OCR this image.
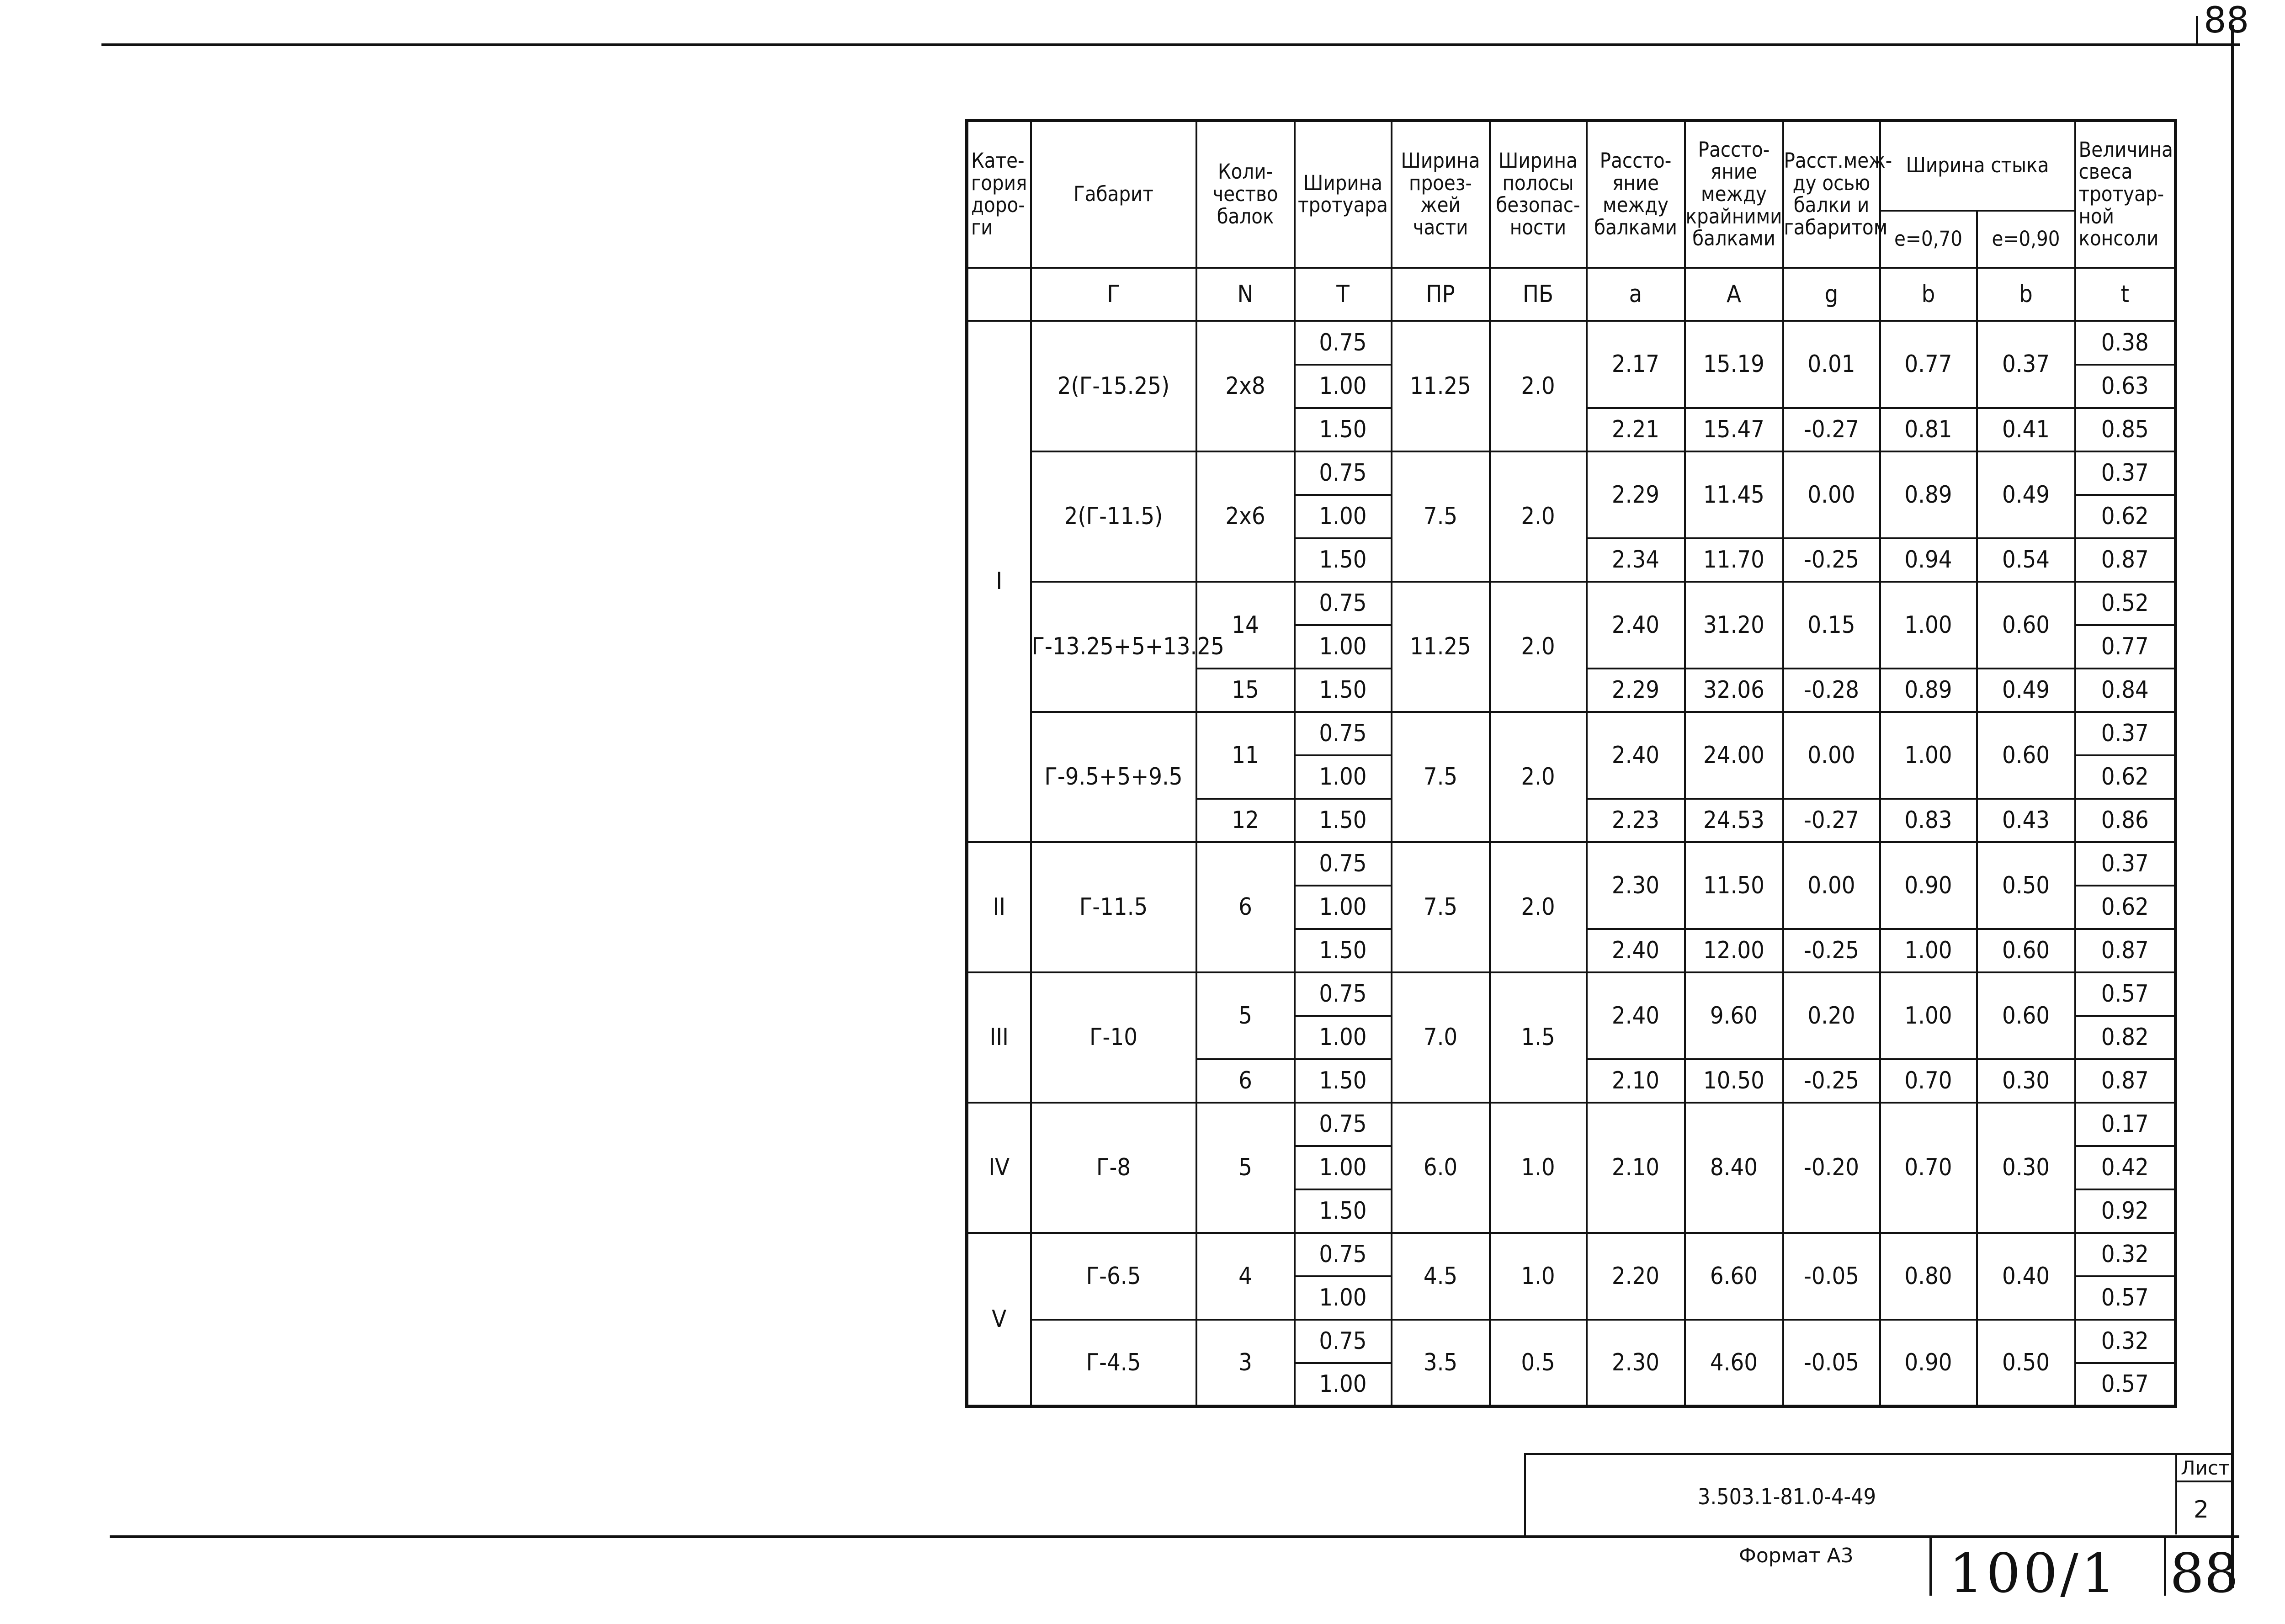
88
Кате-гория доро-ги	Габарит	Коли-чество балок	Ширина тротуара	Ширина проез-жей части	Ширина полосы безопас-ности	Рассто-яние между балками	Рассто-яние между крайними балками	Расст.меж-ду осью балки и габаритом	Ширина стыка		Величина свеса тротуар-ной консоли
									e=0,70	e=0,90	
	Г	N	Т	ПР	ПБ	a	A	g	b	b	t
I	2(Г-15.25)	2х8	0.75	11.25	2.0	2.17	15.19	0.01	0.77	0.37	0.38
			1.00								0.63
			1.50			2.21	15.47	-0.27	0.81	0.41	0.85
	2(Г-11.5)	2х6	0.75	7.5	2.0	2.29	11.45	0.00	0.89	0.49	0.37
			1.00								0.62
			1.50			2.34	11.70	-0.25	0.94	0.54	0.87
	Г-13.25+5+13.25	14	0.75	11.25	2.0	2.40	31.20	0.15	1.00	0.60	0.52
			1.00								0.77
		15	1.50			2.29	32.06	-0.28	0.89	0.49	0.84
	Г-9.5+5+9.5	11	0.75	7.5	2.0	2.40	24.00	0.00	1.00	0.60	0.37
			1.00								0.62
		12	1.50			2.23	24.53	-0.27	0.83	0.43	0.86
II	Г-11.5	6	0.75	7.5	2.0	2.30	11.50	0.00	0.90	0.50	0.37
			1.00								0.62
			1.50			2.40	12.00	-0.25	1.00	0.60	0.87
III	Г-10	5	0.75	7.0	1.5	2.40	9.60	0.20	1.00	0.60	0.57
			1.00								0.82
		6	1.50			2.10	10.50	-0.25	0.70	0.30	0.87
IV	Г-8	5	0.75	6.0	1.0	2.10	8.40	-0.20	0.70	0.30	0.17
			1.00								0.42
			1.50								0.92
V	Г-6.5	4	0.75	4.5	1.0	2.20	6.60	-0.05	0.80	0.40	0.32
			1.00								0.57
	Г-4.5	3	0.75	3.5	0.5	2.30	4.60	-0.05	0.90	0.50	0.32
			1.00								0.57
3.503.1-81.0-4-49
Лист
2
Формат А3 100/1 88
